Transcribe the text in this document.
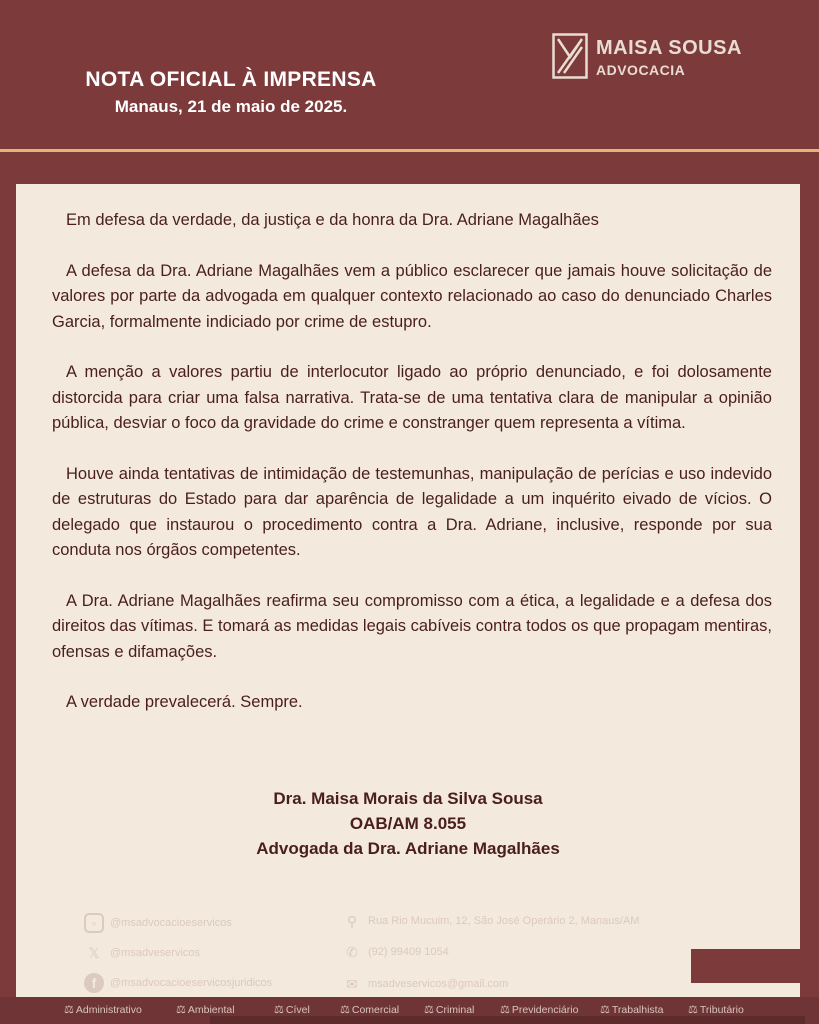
NOTA OFICIAL À IMPRENSA
Manaus, 21 de maio de 2025.
MAISA SOUSA
ADVOCACIA

Em defesa da verdade, da justiça e da honra da Dra. Adriane Magalhães

A defesa da Dra. Adriane Magalhães vem a público esclarecer que jamais houve solicitação de valores por parte da advogada em qualquer contexto relacionado ao caso do denunciado Charles Garcia, formalmente indiciado por crime de estupro.

A menção a valores partiu de interlocutor ligado ao próprio denunciado, e foi dolosamente distorcida para criar uma falsa narrativa. Trata-se de uma tentativa clara de manipular a opinião pública, desviar o foco da gravidade do crime e constranger quem representa a vítima.

Houve ainda tentativas de intimidação de testemunhas, manipulação de perícias e uso indevido de estruturas do Estado para dar aparência de legalidade a um inquérito eivado de vícios. O delegado que instaurou o procedimento contra a Dra. Adriane, inclusive, responde por sua conduta nos órgãos competentes.

A Dra. Adriane Magalhães reafirma seu compromisso com a ética, a legalidade e a defesa dos direitos das vítimas. E tomará as medidas legais cabíveis contra todos os que propagam mentiras, ofensas e difamações.

A verdade prevalecerá. Sempre.

Dra. Maisa Morais da Silva Sousa
OAB/AM 8.055
Advogada da Dra. Adriane Magalhães
◦	@msadvocacioeservicos
𝕏 @msadveservicos
f	@msadvocacioeservicosjuridicos
⚲ Rua Rio Mucuim, 12, São José Operário 2, Manaus/AM
✆ (92) 99409 1054
✉ msadveservicos@gmail.com
⚖ Administrativo	⚖ Ambiental	⚖ Cível	⚖ Comercial ⚖ Criminal ⚖ Previdenciário ⚖ Trabalhista ⚖ Tributário
